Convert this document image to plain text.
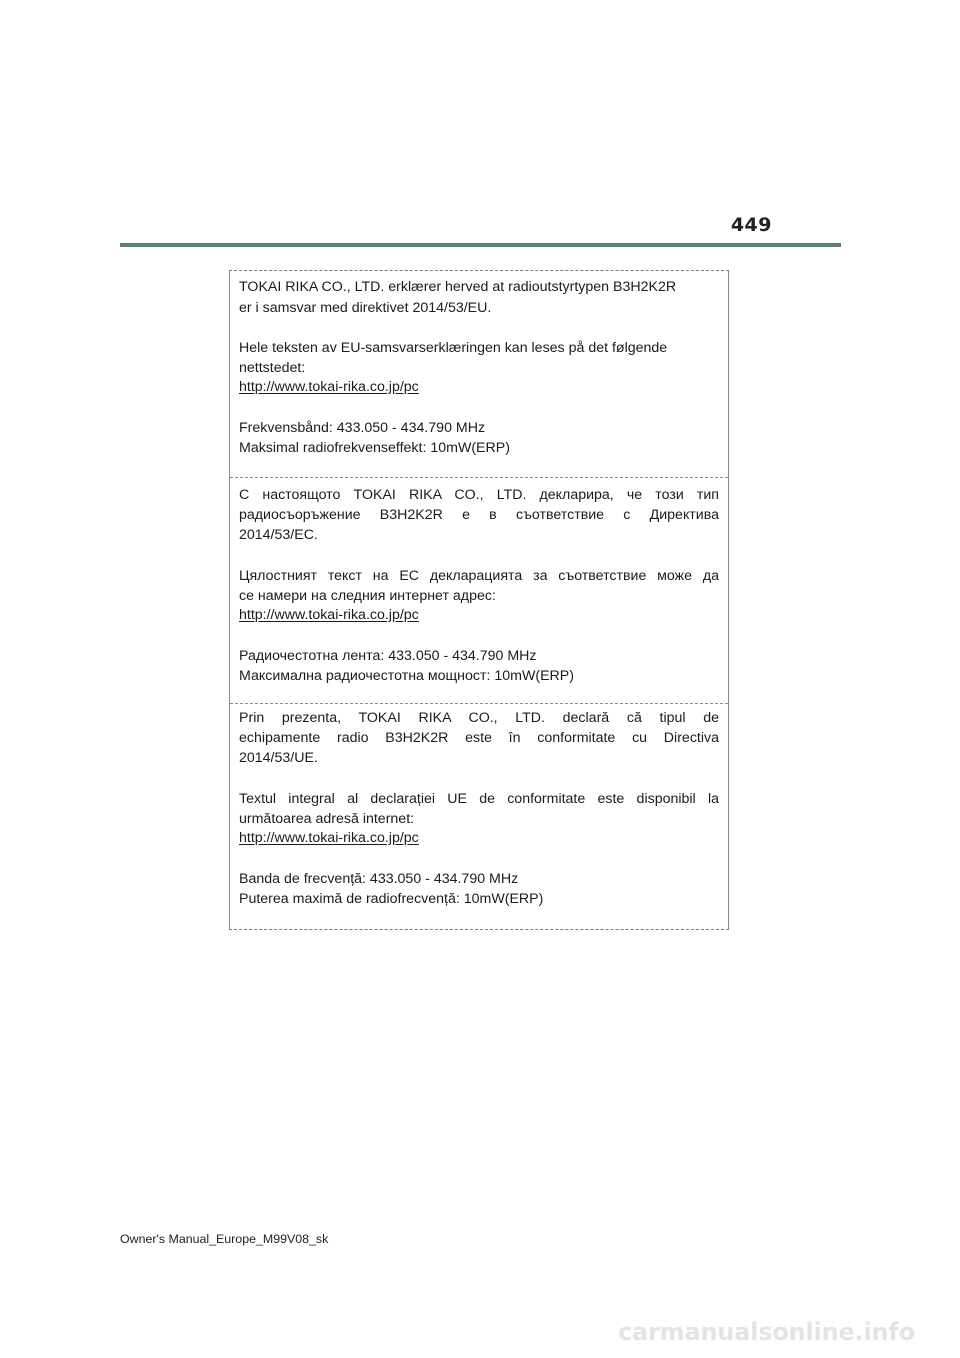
449
TOKAI RIKA CO., LTD. erklærer herved at radioutstyrtypen B3H2K2R
er i samsvar med direktivet 2014/53/EU.
Hele teksten av EU-samsvarserklæringen kan leses på det følgende
nettstedet:
http://www.tokai-rika.co.jp/pc
Frekvensbånd: 433.050 - 434.790 MHz
Maksimal radiofrekvenseffekt: 10mW(ERP)
С настоящото TOKAI RIKA CO., LTD. декларира, че този тип
радиосъоръжение B3H2K2R е в съответствие с Директива
2014/53/ЕС.
Цялостният текст на ЕС декларацията за съответствие може да
се намери на следния интернет адрес:
http://www.tokai-rika.co.jp/pc
Радиочестотна лента: 433.050 - 434.790 MHz
Максимална радиочестотна мощност: 10mW(ERP)
Prin prezenta, TOKAI RIKA CO., LTD. declară că tipul de
echipamente radio B3H2K2R este în conformitate cu Directiva
2014/53/UE.
Textul integral al declarației UE de conformitate este disponibil la
următoarea adresă internet:
http://www.tokai-rika.co.jp/pc
Banda de frecvență: 433.050 - 434.790 MHz
Puterea maximă de radiofrecvență: 10mW(ERP)
Owner's Manual_Europe_M99V08_sk
carmanualsonline.info
